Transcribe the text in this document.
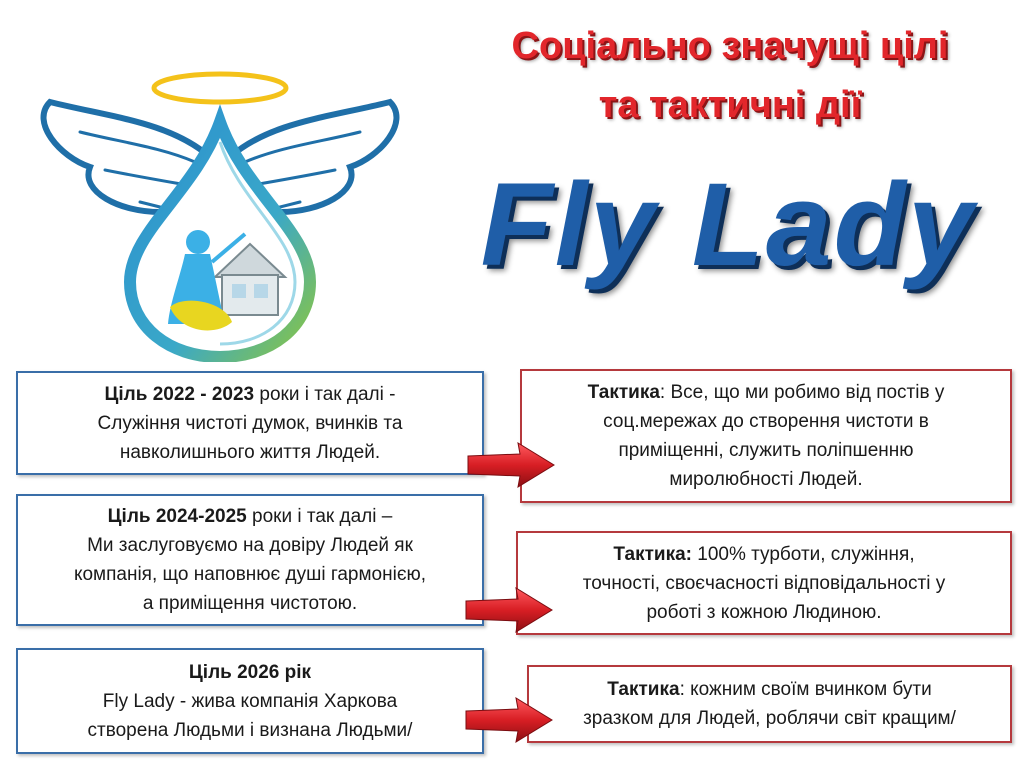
Соціально значущі цілі
та тактичні дії
Fly Lady
Ціль 2022 - 2023 роки і так далі -
Служіння чистоті думок, вчинків та
навколишнього життя Людей.
Ціль 2024-2025 роки і так далі –
Ми заслуговуємо на довіру Людей як
компанія, що наповнює душі гармонією,
а приміщення чистотою.
Ціль 2026 рік
Fly Lady - жива компанія Харкова
створена Людьми і визнана Людьми/
Тактика: Все, що ми робимо від постів у
соц.мережах до створення чистоти в
приміщенні, служить поліпшенню
миролюбності Людей.
Тактика: 100% турботи, служіння,
точності, своєчасності відповідальності у
роботі з кожною Людиною.
Тактика: кожним своїм вчинком бути
зразком для Людей, роблячи світ кращим/
